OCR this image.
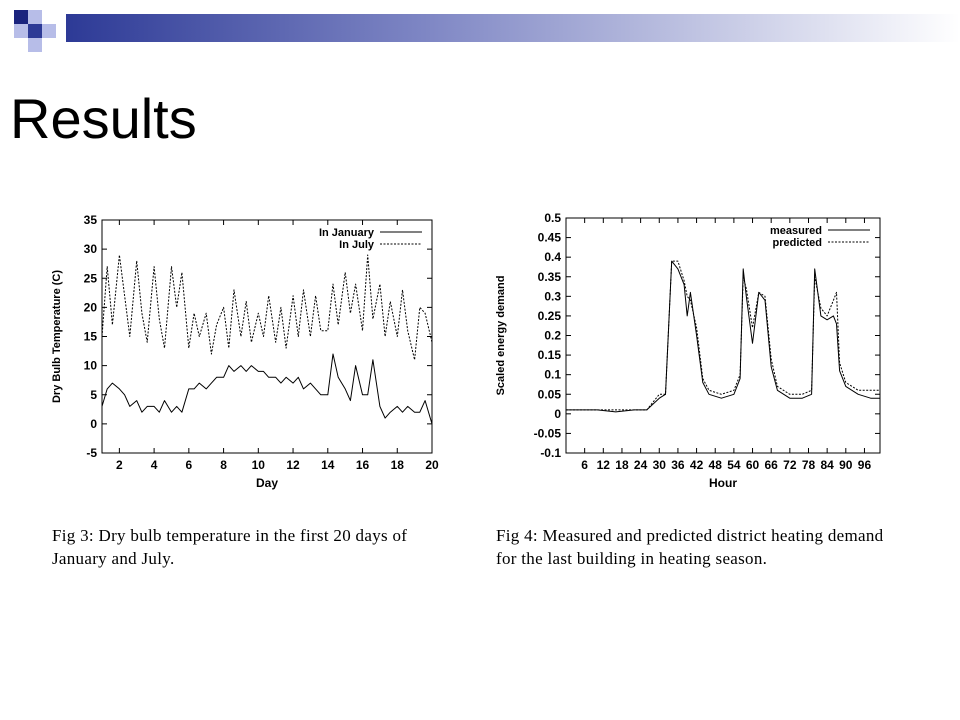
Results
-5
0
5
10
15
20
25
30
35
2 4 6 8 10 12 14 16 18 20
Day
Dry Bulb Temperature (C)
In January
In July
-0.1
-0.05
0
0.05
0.1
0.15
0.2
0.25
0.3
0.35
0.4
0.45
0.5
6 12 18 24 30 36 42 48 54 60 66 72 78 84 90 96
Hour
Scaled energy demand
measured
predicted
Fig 3: Dry bulb temperature in the first 20 days of January and July.
Fig 4: Measured and predicted district heating demand for the last building in heating season.
